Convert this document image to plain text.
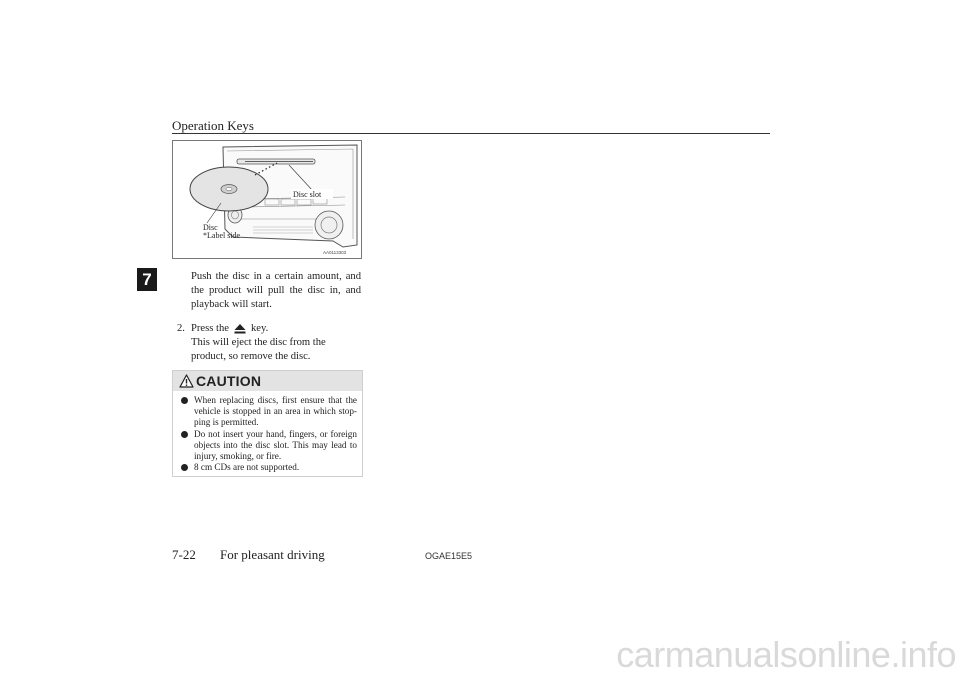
Operation Keys
7
Disc slot
Disc
*Label side
AA0113303
Push the disc in a certain amount, and the product will pull the disc in, and playback will start.
2. Press the key.
This will eject the disc from the product, so remove the disc.
CAUTION
When replacing discs, first ensure that the vehicle is stopped in an area in which stop-ping is permitted.
Do not insert your hand, fingers, or foreign objects into the disc slot. This may lead to injury, smoking, or fire.
8 cm CDs are not supported.
7-22 For pleasant driving	OGAE15E5
carmanualsonline.info
